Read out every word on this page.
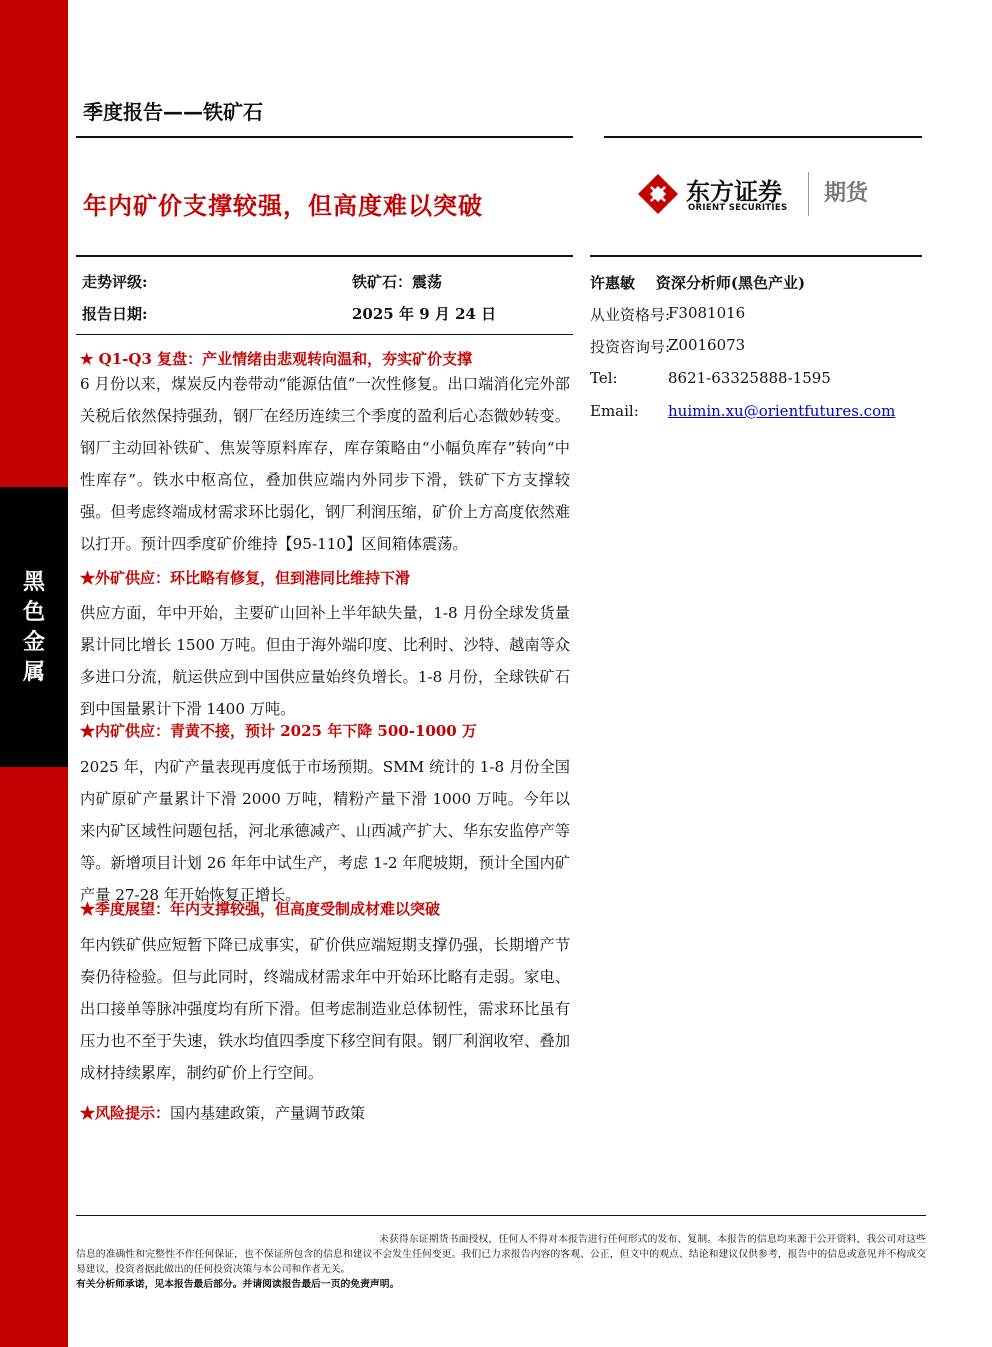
黑
色
金
属
季度报告——铁矿石
年内矿价支撑较强，但高度难以突破	东方证券
ORIENT SECURITIES
期货
走势评级:	铁矿石：震荡
报告日期:	2025 年 9 月 24 日
许惠敏    资深分析师(黑色产业)
从业资格号:
F3081016
投资咨询号:
Z0016073
Tel:	8621-63325888-1595
Email: huimin.xu@orientfutures.com
★ Q1-Q3 复盘：产业情绪由悲观转向温和，夯实矿价支撑
6 月份以来，煤炭反内卷带动“能源估值”一次性修复。出口端消化完外部关税后依然保持强劲，钢厂在经历连续三个季度的盈利后心态微妙转变。钢厂主动回补铁矿、焦炭等原料库存，库存策略由“小幅负库存”转向“中性库存”。铁水中枢高位，叠加供应端内外同步下滑，铁矿下方支撑较强。但考虑终端成材需求环比弱化，钢厂利润压缩，矿价上方高度依然难以打开。预计四季度矿价维持【95-110】区间箱体震荡。
★外矿供应：环比略有修复，但到港同比维持下滑
供应方面，年中开始，主要矿山回补上半年缺失量，1-8 月份全球发货量累计同比增长 1500 万吨。但由于海外端印度、比利时、沙特、越南等众多进口分流，航运供应到中国供应量始终负增长。1-8 月份，全球铁矿石到中国量累计下滑 1400 万吨。
★内矿供应：青黄不接，预计 2025 年下降 500-1000 万
2025 年，内矿产量表现再度低于市场预期。SMM 统计的 1-8 月份全国内矿原矿产量累计下滑 2000 万吨，精粉产量下滑 1000 万吨。今年以来内矿区域性问题包括，河北承德减产、山西减产扩大、华东安监停产等等。新增项目计划 26 年年中试生产，考虑 1-2 年爬坡期，预计全国内矿产量 27-28 年开始恢复正增长。
★季度展望：年内支撑较强，但高度受制成材难以突破
年内铁矿供应短暂下降已成事实，矿价供应端短期支撑仍强，长期增产节奏仍待检验。但与此同时，终端成材需求年中开始环比略有走弱。家电、出口接单等脉冲强度均有所下滑。但考虑制造业总体韧性，需求环比虽有压力也不至于失速，铁水均值四季度下移空间有限。钢厂利润收窄、叠加成材持续累库，制约矿价上行空间。
★风险提示：国内基建政策，产量调节政策
未获得东证期货书面授权，任何人不得对本报告进行任何形式的发布、复制。本报告的信息均来源于公开资料，我公司对这些信息的准确性和完整性不作任何保证，也不保证所包含的信息和建议不会发生任何变更。我们已力求报告内容的客观、公正，但文中的观点、结论和建议仅供参考，报告中的信息或意见并不构成交易建议，投资者据此做出的任何投资决策与本公司和作者无关。
有关分析师承诺，见本报告最后部分。并请阅读报告最后一页的免责声明。
